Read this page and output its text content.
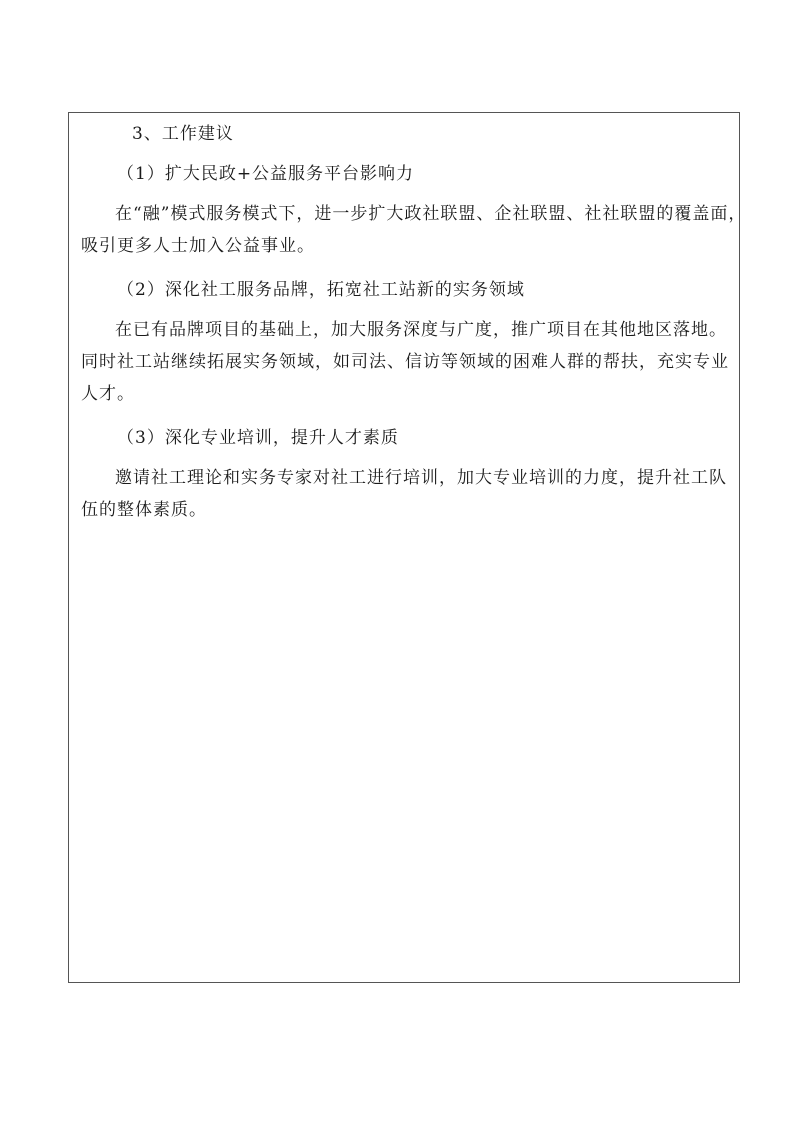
3、工作建议

（1）扩大民政+公益服务平台影响力

在“融”模式服务模式下，进一步扩大政社联盟、企社联盟、社社联盟的覆盖面，

吸引更多人士加入公益事业。

（2）深化社工服务品牌，拓宽社工站新的实务领域

在已有品牌项目的基础上，加大服务深度与广度，推广项目在其他地区落地。

同时社工站继续拓展实务领域，如司法、信访等领域的困难人群的帮扶，充实专业

人才。

（3）深化专业培训，提升人才素质

邀请社工理论和实务专家对社工进行培训，加大专业培训的力度，提升社工队

伍的整体素质。
